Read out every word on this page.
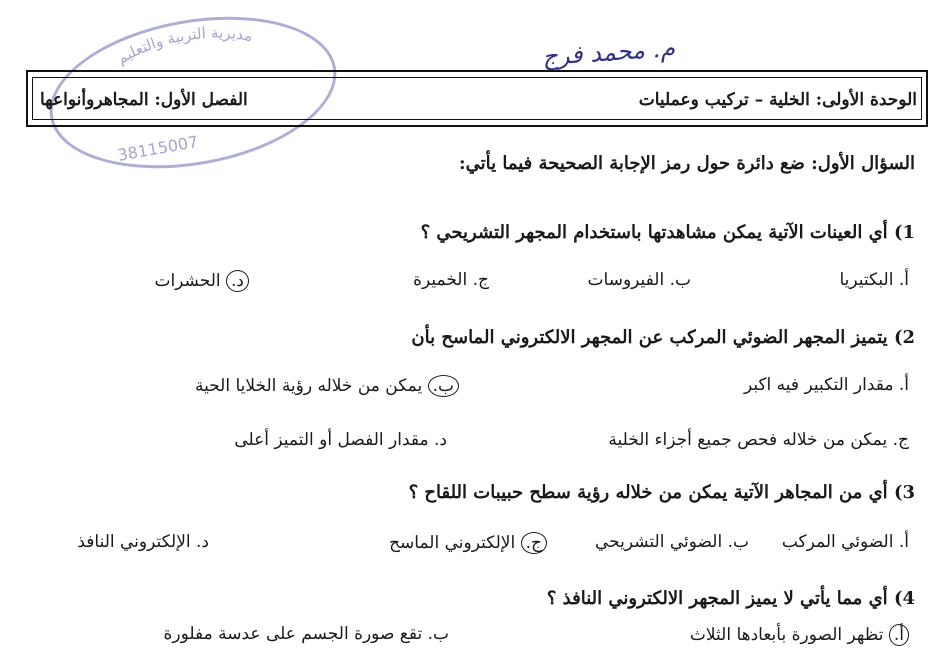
مديرية التربية والتعليم
38115007
م. محمد فرج
الوحدة الأولى: الخلية – تركيب وعمليات
الفصل الأول: المجاهروأنواعها
السؤال الأول: ضع دائرة حول رمز الإجابة الصحيحة فيما يأتي:
1) أي العينات الآتية يمكن مشاهدتها باستخدام المجهر التشريحي ؟
أ. البكتيريا
ب. الفيروسات
ج. الخميرة
د. الحشرات
2) يتميز المجهر الضوئي المركب عن المجهر الالكتروني الماسح بأن
أ. مقدار التكبير فيه اكبر
ب. يمكن من خلاله رؤية الخلايا الحية
ج. يمكن من خلاله فحص جميع أجزاء الخلية
د. مقدار الفصل أو التميز أعلى
3) أي من المجاهر الآتية يمكن من خلاله رؤية سطح حبيبات اللقاح ؟
أ. الضوئي المركب
ب. الضوئي التشريحي
ج. الإلكتروني الماسح
د. الإلكتروني النافذ
4) أي مما يأتي لا يميز المجهر الالكتروني النافذ ؟
أ. تظهر الصورة بأبعادها الثلاث
ب. تقع صورة الجسم على عدسة مفلورة
